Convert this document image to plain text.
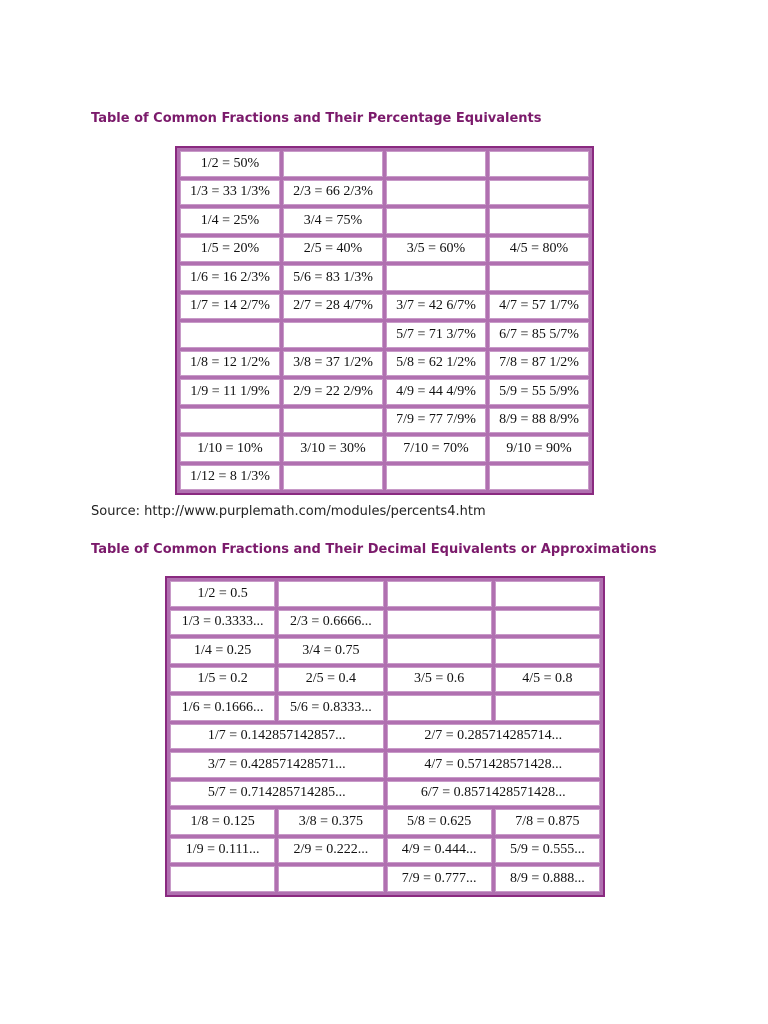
Table of Common Fractions and Their Percentage Equivalents
1/2 = 50%			
1/3 = 33 1/3%	2/3 = 66 2/3%		
1/4 = 25%	3/4 = 75%		
1/5 = 20%	2/5 = 40%	3/5 = 60%	4/5 = 80%
1/6 = 16 2/3%	5/6 = 83 1/3%		
1/7 = 14 2/7%	2/7 = 28 4/7%	3/7 = 42 6/7%	4/7 = 57 1/7%
		5/7 = 71 3/7%	6/7 = 85 5/7%
1/8 = 12 1/2%	3/8 = 37 1/2%	5/8 = 62 1/2%	7/8 = 87 1/2%
1/9 = 11 1/9%	2/9 = 22 2/9%	4/9 = 44 4/9%	5/9 = 55 5/9%
		7/9 = 77 7/9%	8/9 = 88 8/9%
1/10 = 10%	3/10 = 30%	7/10 = 70%	9/10 = 90%
1/12 = 8 1/3%			
Source: http://www.purplemath.com/modules/percents4.htm
Table of Common Fractions and Their Decimal Equivalents or Approximations
1/2 = 0.5			
1/3 = 0.3333...	2/3 = 0.6666...		
1/4 = 0.25	3/4 = 0.75		
1/5 = 0.2	2/5 = 0.4	3/5 = 0.6	4/5 = 0.8
1/6 = 0.1666...	5/6 = 0.8333...		
1/7 = 0.142857142857...		2/7 = 0.285714285714...	
3/7 = 0.428571428571...		4/7 = 0.571428571428...	
5/7 = 0.714285714285...		6/7 = 0.8571428571428...	
1/8 = 0.125	3/8 = 0.375	5/8 = 0.625	7/8 = 0.875
1/9 = 0.111...	2/9 = 0.222...	4/9 = 0.444...	5/9 = 0.555...
		7/9 = 0.777...	8/9 = 0.888...
